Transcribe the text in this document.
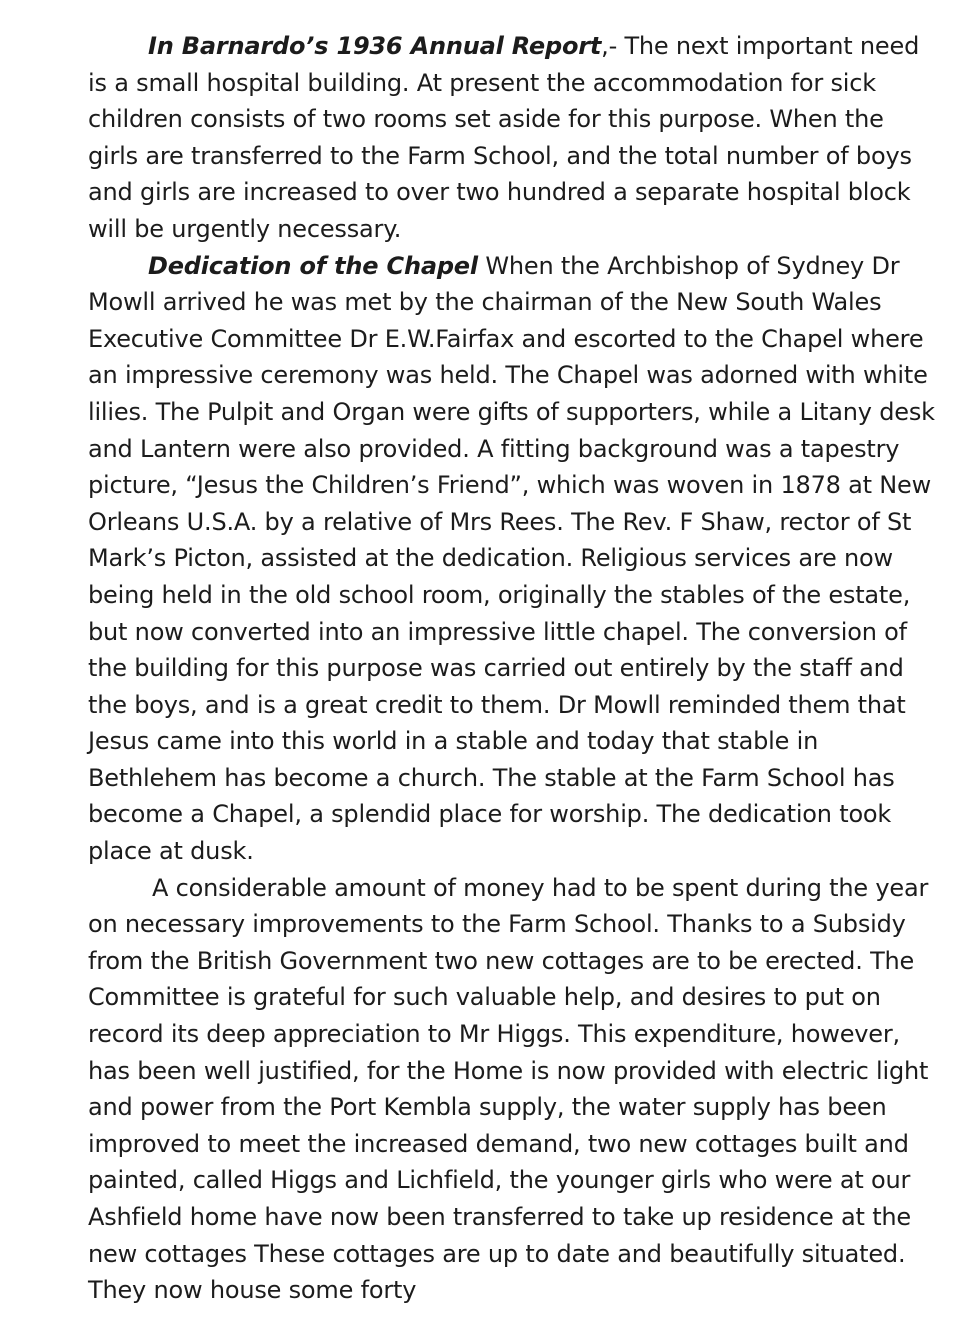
In Barnardo’s 1936 Annual Report,- The next important need is a small hospital building. At present the accommodation for sick children consists of two rooms set aside for this purpose. When the girls are transferred to the Farm School, and the total number of boys and girls are increased to over two hundred a separate hospital block will be urgently necessary.

Dedication of the Chapel When the Archbishop of Sydney Dr Mowll arrived he was met by the chairman of the New South Wales Executive Committee Dr E.W.Fairfax and escorted to the Chapel where an impressive ceremony was held. The Chapel was adorned with white lilies. The Pulpit and Organ were gifts of supporters, while a Litany desk and Lantern were also provided. A fitting background was a tapestry picture, “Jesus the Children’s Friend”, which was woven in 1878 at New Orleans U.S.A. by a relative of Mrs Rees. The Rev. F Shaw, rector of St Mark’s Picton, assisted at the dedication. Religious services are now being held in the old school room, originally the stables of the estate, but now converted into an impressive little chapel. The conversion of the building for this purpose was carried out entirely by the staff and the boys, and is a great credit to them. Dr Mowll reminded them that Jesus came into this world in a stable and today that stable in Bethlehem has become a church. The stable at the Farm School has become a Chapel, a splendid place for worship. The dedication took place at dusk.

A considerable amount of money had to be spent during the year on necessary improvements to the Farm School. Thanks to a Subsidy from the British Government two new cottages are to be erected. The Committee is grateful for such valuable help, and desires to put on record its deep appreciation to Mr Higgs. This expenditure, however, has been well justified, for the Home is now provided with electric light and power from the Port Kembla supply, the water supply has been improved to meet the increased demand, two new cottages built and painted, called Higgs and Lichfield, the younger girls who were at our Ashfield home have now been transferred to take up residence at the new cottages These cottages are up to date and beautifully situated. They now house some forty
